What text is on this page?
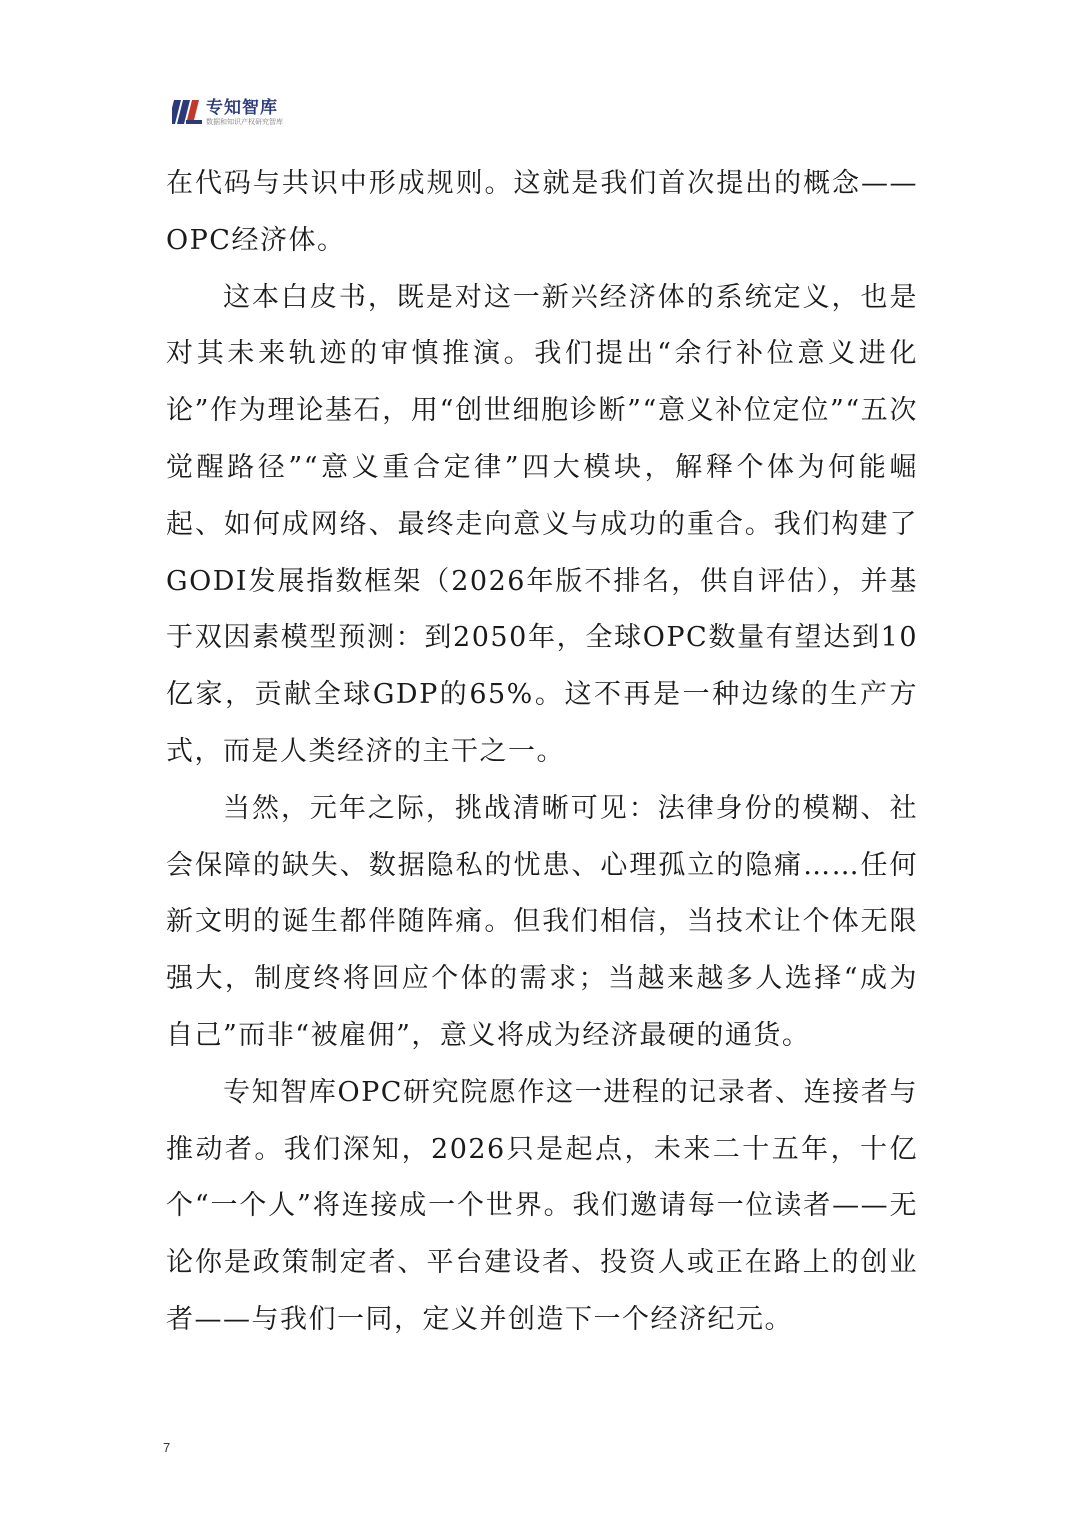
专知智库
数据和知识产权研究智库

在代码与共识中形成规则。这就是我们首次提出的概念——OPC经济体。

这本白皮书，既是对这一新兴经济体的系统定义，也是对其未来轨迹的审慎推演。我们提出“余行补位意义进化论”作为理论基石，用“创世细胞诊断”“意义补位定位”“五次觉醒路径”“意义重合定律”四大模块，解释个体为何能崛起、如何成网络、最终走向意义与成功的重合。我们构建了GODI发展指数框架（2026年版不排名，供自评估），并基于双因素模型预测：到2050年，全球OPC数量有望达到10亿家，贡献全球GDP的65%。这不再是一种边缘的生产方式，而是人类经济的主干之一。

当然，元年之际，挑战清晰可见：法律身份的模糊、社会保障的缺失、数据隐私的忧患、心理孤立的隐痛……任何新文明的诞生都伴随阵痛。但我们相信，当技术让个体无限强大，制度终将回应个体的需求；当越来越多人选择“成为自己”而非“被雇佣”，意义将成为经济最硬的通货。

专知智库OPC研究院愿作这一进程的记录者、连接者与推动者。我们深知，2026只是起点，未来二十五年，十亿个“一个人”将连接成一个世界。我们邀请每一位读者——无论你是政策制定者、平台建设者、投资人或正在路上的创业者——与我们一同，定义并创造下一个经济纪元。

7
